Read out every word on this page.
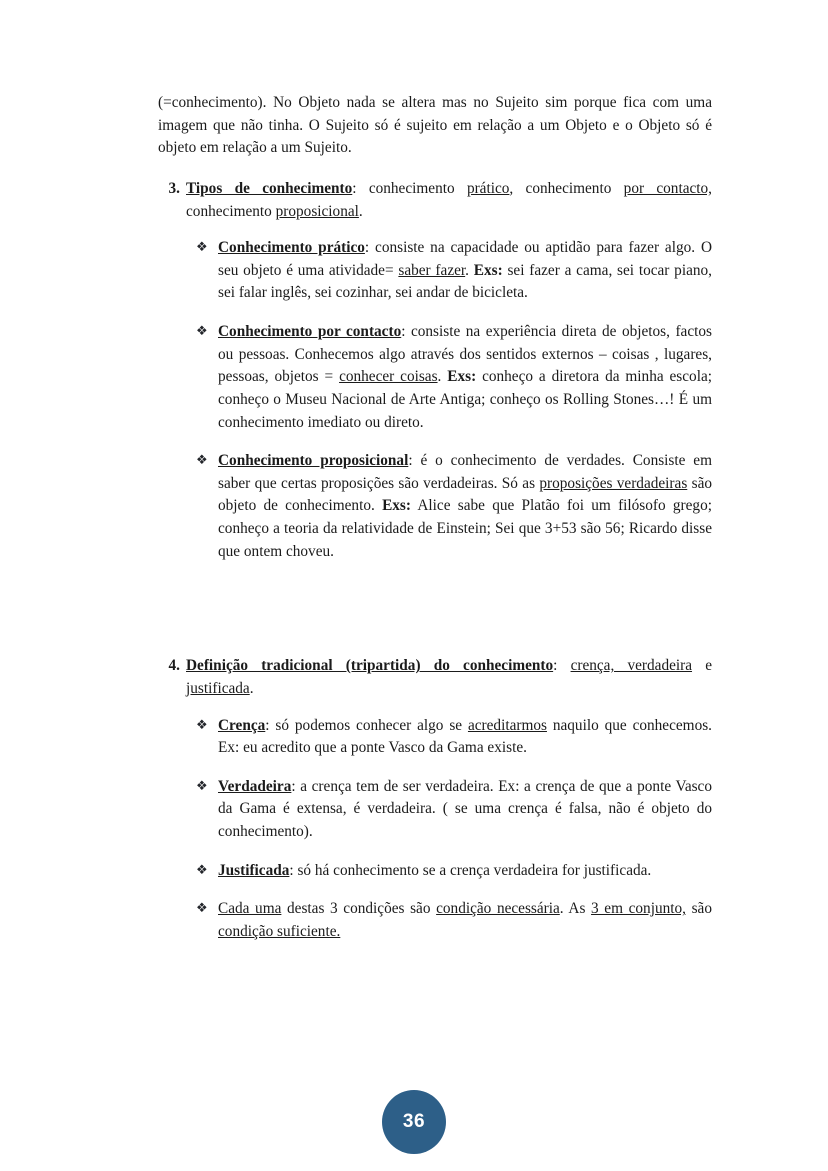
(=conhecimento). No Objeto nada se altera mas no Sujeito sim porque fica com uma imagem que não tinha. O Sujeito só é sujeito em relação a um Objeto e o Objeto só é objeto em relação a um Sujeito.

3. Tipos de conhecimento: conhecimento prático, conhecimento por contacto, conhecimento proposicional.
❖ Conhecimento prático: consiste na capacidade ou aptidão para fazer algo. O seu objeto é uma atividade= saber fazer. Exs: sei fazer a cama, sei tocar piano, sei falar inglês, sei cozinhar, sei andar de bicicleta.
❖ Conhecimento por contacto: consiste na experiência direta de objetos, factos ou pessoas. Conhecemos algo através dos sentidos externos – coisas , lugares, pessoas, objetos = conhecer coisas. Exs: conheço a diretora da minha escola; conheço o Museu Nacional de Arte Antiga; conheço os Rolling Stones…! É um conhecimento imediato ou direto.
❖ Conhecimento proposicional: é o conhecimento de verdades. Consiste em saber que certas proposições são verdadeiras. Só as proposições verdadeiras são objeto de conhecimento. Exs: Alice sabe que Platão foi um filósofo grego; conheço a teoria da relatividade de Einstein; Sei que 3+53 são 56; Ricardo disse que ontem choveu.
4. Definição tradicional (tripartida) do conhecimento: crença, verdadeira e justificada.
❖ Crença: só podemos conhecer algo se acreditarmos naquilo que conhecemos. Ex: eu acredito que a ponte Vasco da Gama existe.
❖ Verdadeira: a crença tem de ser verdadeira. Ex: a crença de que a ponte Vasco da Gama é extensa, é verdadeira. ( se uma crença é falsa, não é objeto do conhecimento).
❖ Justificada: só há conhecimento se a crença verdadeira for justificada.
❖ Cada uma destas 3 condições são condição necessária. As 3 em conjunto, são condição suficiente.
36
